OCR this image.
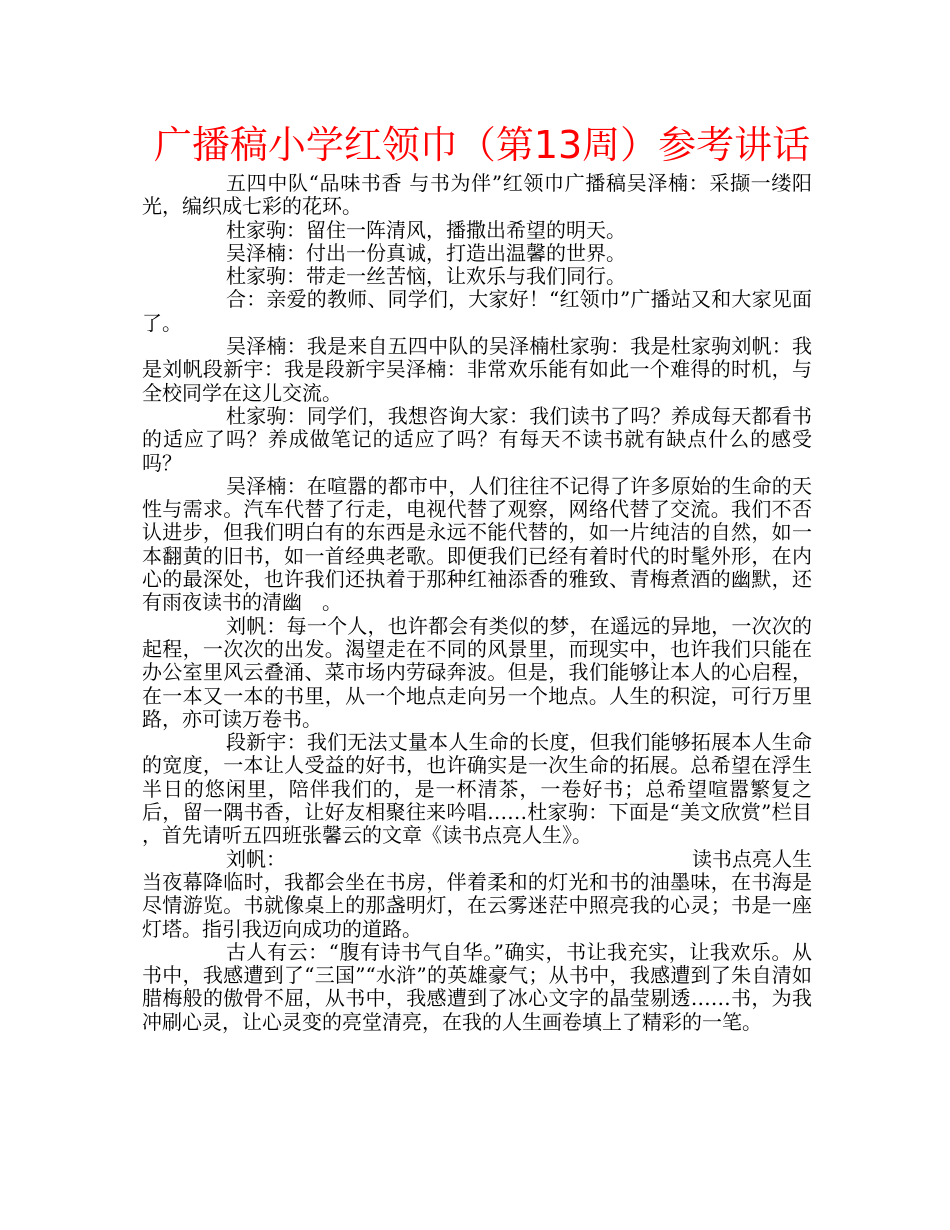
广播稿小学红领巾（第13周）参考讲话

五四中队“品味书香 与书为伴”红领巾广播稿吴泽楠：采撷一缕阳光，编织成七彩的花环。

杜家驹：留住一阵清风，播撒出希望的明天。

吴泽楠：付出一份真诚，打造出温馨的世界。

杜家驹：带走一丝苦恼，让欢乐与我们同行。

合：亲爱的教师、同学们，大家好！“红领巾”广播站又和大家见面了。

吴泽楠：我是来自五四中队的吴泽楠杜家驹：我是杜家驹刘帆：我是刘帆段新宇：我是段新宇吴泽楠：非常欢乐能有如此一个难得的时机，与全校同学在这儿交流。

杜家驹：同学们，我想咨询大家：我们读书了吗？养成每天都看书的适应了吗？养成做笔记的适应了吗？有每天不读书就有缺点什么的感受吗？

吴泽楠：在喧嚣的都市中，人们往往不记得了许多原始的生命的天性与需求。汽车代替了行走，电视代替了观察，网络代替了交流。我们不否认进步，但我们明白有的东西是永远不能代替的，如一片纯洁的自然，如一本翻黄的旧书，如一首经典老歌。即便我们已经有着时代的时髦外形，在内心的最深处，也许我们还执着于那种红袖添香的雅致、青梅煮酒的幽默，还有雨夜读书的清幽　。

刘帆：每一个人，也许都会有类似的梦，在遥远的异地，一次次的起程，一次次的出发。渴望走在不同的风景里，而现实中，也许我们只能在办公室里风云叠涌、菜市场内劳碌奔波。但是，我们能够让本人的心启程，在一本又一本的书里，从一个地点走向另一个地点。人生的积淀，可行万里路，亦可读万卷书。

段新宇：我们无法丈量本人生命的长度，但我们能够拓展本人生命的宽度，一本让人受益的好书，也许确实是一次生命的拓展。总希望在浮生半日的悠闲里，陪伴我们的，是一杯清茶，一卷好书；总希望喧嚣繁复之后，留一隅书香，让好友相聚往来吟唱……杜家驹：下面是“美文欣赏”栏目 ，首先请听五四班张馨云的文章《读书点亮人生》。

刘帆：	读书点亮人生

当夜幕降临时，我都会坐在书房，伴着柔和的灯光和书的油墨味，在书海是尽情游览。书就像桌上的那盏明灯，在云雾迷茫中照亮我的心灵；书是一座灯塔。指引我迈向成功的道路。

古人有云：“腹有诗书气自华。”确实，书让我充实，让我欢乐。从书中，我感遭到了“三国”“水浒”的英雄豪气；从书中，我感遭到了朱自清如腊梅般的傲骨不屈，从书中，我感遭到了冰心文字的晶莹剔透……书，为我冲刷心灵，让心灵变的亮堂清亮，在我的人生画卷填上了精彩的一笔。
